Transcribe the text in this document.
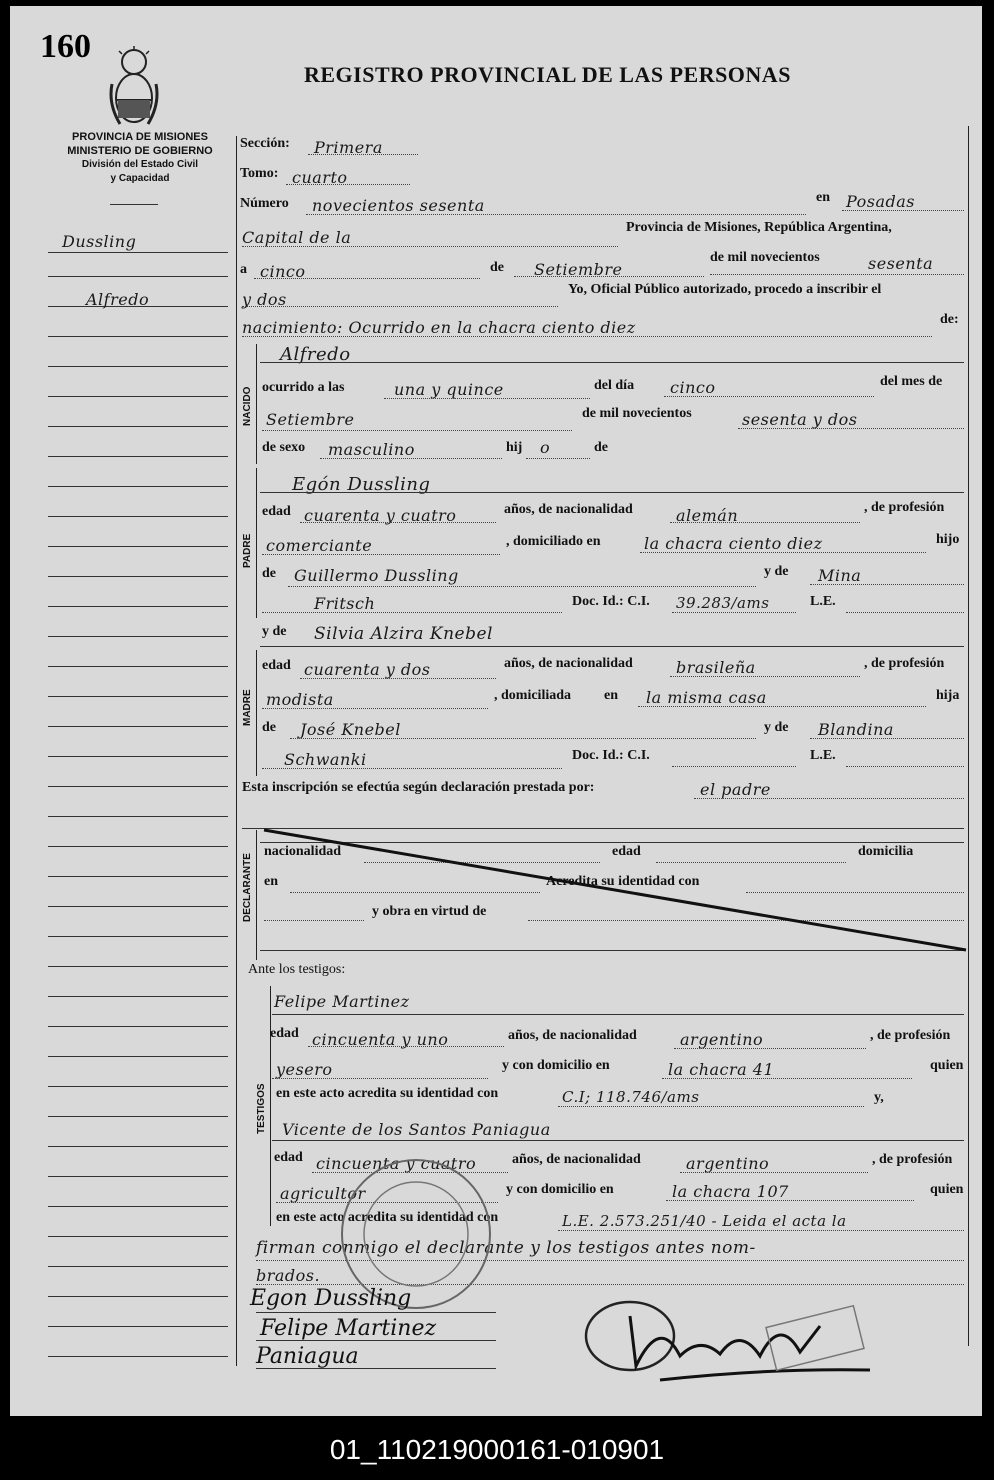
160
REGISTRO PROVINCIAL DE LAS PERSONAS
PROVINCIA DE MISIONES
MINISTERIO DE GOBIERNO
División del Estado Civil
y Capacidad
Dussling
Alfredo
Sección: Primera
Tomo: cuarto
Número novecientos sesenta	en Posadas
Capital de la
Provincia de Misiones, República Argentina,
a cinco	de Setiembre
de mil novecientos	sesenta
y dos
Yo, Oficial Público autorizado, procedo a inscribir el
nacimiento: Ocurrido en la chacra ciento diez	de:
NACIDO
Alfredo
ocurrido a las	una y quince	del día cinco	del mes de
Setiembre	de mil novecientos	sesenta y dos
de sexo masculino	hij o	de
PADRE
Egón Dussling
edad cuarenta y cuatro	años, de nacionalidad	alemán	, de profesión
comerciante	, domiciliado en	la chacra ciento diez	hijo
de Guillermo Dussling	y de Mina
Fritsch	Doc. Id.: C.I. 39.283/ams	L.E.
y de Silvia Alzira Knebel
MADRE
edad cuarenta y dos	años, de nacionalidad	brasileña	, de profesión
modista	, domiciliada en la misma casa	hija
de José Knebel	y de Blandina
Schwanki	Doc. Id.: C.I.	L.E.
Esta inscripción se efectúa según declaración prestada por:	el padre
DECLARANTE
nacionalidad	edad	domicilia
en	Acredita su identidad con
y obra en virtud de
Ante los testigos:
TESTIGOS
Felipe Martinez
edad cincuenta y uno	años, de nacionalidad	argentino	, de profesión
yesero	y con domicilio en	la chacra 41	quien
en este acto acredita su identidad con	C.I; 118.746/ams	y,
Vicente de los Santos Paniagua
edad cincuenta y cuatro	años, de nacionalidad	argentino	, de profesión
agricultor	y con domicilio en	la chacra 107	quien
en este acto acredita su identidad con	L.E. 2.573.251/40 - Leida el acta la
firman conmigo el declarante y los testigos antes nom-
brados.
Egon Dussling
Felipe Martinez
Paniagua
01_110219000161-010901
